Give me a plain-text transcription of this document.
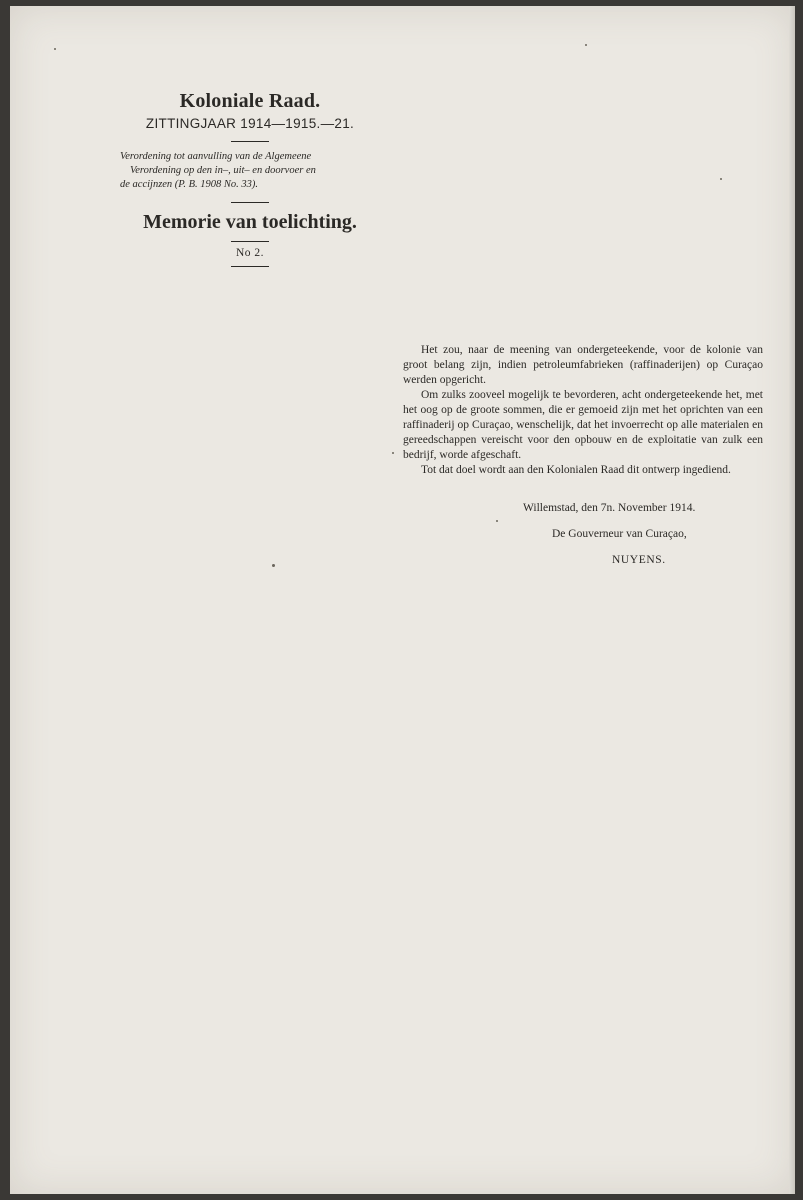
Koloniale Raad.
ZITTINGJAAR 1914—1915.—21.
Verordening tot aanvulling van de Algemeene
Verordening op den in–, uit– en doorvoer en
de accijnzen (P. B. 1908 No. 33).
Memorie van toelichting.
No 2.

Het zou, naar de meening van ondergeteekende, voor de kolonie van groot belang zijn, indien petroleumfabrieken (raffinaderijen) op Curaçao werden opgericht.

Om zulks zooveel mogelijk te bevorderen, acht ondergeteekende het, met het oog op de groote sommen, die er gemoeid zijn met het oprichten van een raffinaderij op Curaçao, wenschelijk, dat het invoerrecht op alle materialen en gereedschappen vereischt voor den opbouw en de exploitatie van zulk een bedrijf, worde afgeschaft.

Tot dat doel wordt aan den Kolonialen Raad dit ontwerp ingediend.

Willemstad, den 7n. November 1914.
De Gouverneur van Curaçao,
NUYENS.
